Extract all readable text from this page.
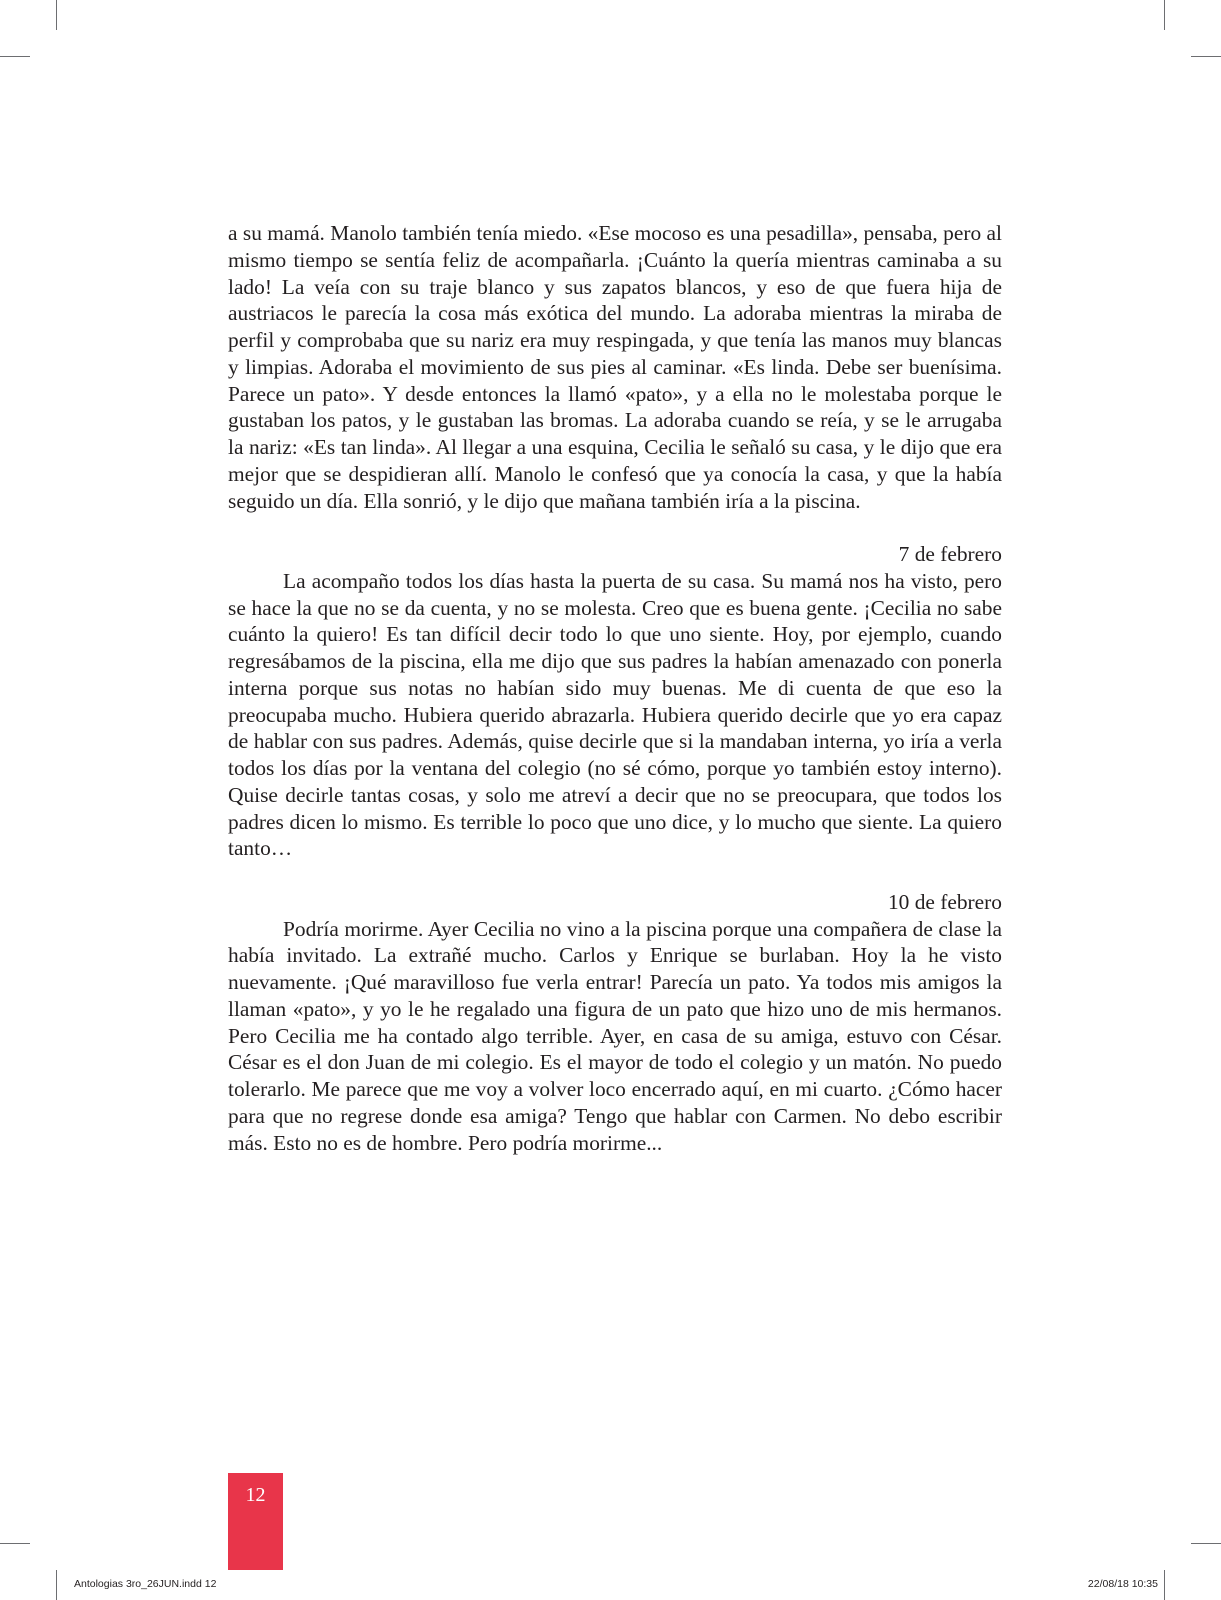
a su mamá. Manolo también tenía miedo. «Ese mocoso es una pesadilla», pensaba, pero al mismo tiempo se sentía feliz de acompañarla. ¡Cuánto la quería mientras caminaba a su lado! La veía con su traje blanco y sus zapatos blancos, y eso de que fuera hija de austriacos le parecía la cosa más exótica del mundo. La adoraba mientras la miraba de perfil y comprobaba que su nariz era muy respingada, y que tenía las manos muy blancas y limpias. Adoraba el movimiento de sus pies al caminar. «Es linda. Debe ser buenísima. Parece un pato». Y desde entonces la llamó «pato», y a ella no le molestaba porque le gustaban los patos, y le gustaban las bromas. La adoraba cuando se reía, y se le arrugaba la nariz: «Es tan linda». Al llegar a una esquina, Cecilia le señaló su casa, y le dijo que era mejor que se despidieran allí. Manolo le confesó que ya conocía la casa, y que la había seguido un día. Ella sonrió, y le dijo que mañana también iría a la piscina.

7 de febrero

La acompaño todos los días hasta la puerta de su casa. Su mamá nos ha visto, pero se hace la que no se da cuenta, y no se molesta. Creo que es buena gente. ¡Cecilia no sabe cuánto la quiero! Es tan difícil decir todo lo que uno siente. Hoy, por ejemplo, cuando regresábamos de la piscina, ella me dijo que sus padres la habían amenazado con ponerla interna porque sus notas no habían sido muy buenas. Me di cuenta de que eso la preocupaba mucho. Hubiera querido abrazarla. Hubiera querido decirle que yo era capaz de hablar con sus padres. Además, quise decirle que si la mandaban interna, yo iría a verla todos los días por la ventana del colegio (no sé cómo, porque yo también estoy interno). Quise decirle tantas cosas, y solo me atreví a decir que no se preocupara, que todos los padres dicen lo mismo. Es terrible lo poco que uno dice, y lo mucho que siente. La quiero tanto…

10 de febrero

Podría morirme. Ayer Cecilia no vino a la piscina porque una compañera de clase la había invitado. La extrañé mucho. Carlos y Enrique se burlaban. Hoy la he visto nuevamente. ¡Qué maravilloso fue verla entrar! Parecía un pato. Ya todos mis amigos la llaman «pato», y yo le he regalado una figura de un pato que hizo uno de mis hermanos. Pero Cecilia me ha contado algo terrible. Ayer, en casa de su amiga, estuvo con César. César es el don Juan de mi colegio. Es el mayor de todo el colegio y un matón. No puedo tolerarlo. Me parece que me voy a volver loco encerrado aquí, en mi cuarto. ¿Cómo hacer para que no regrese donde esa amiga? Tengo que hablar con Carmen. No debo escribir más. Esto no es de hombre. Pero podría morirme...

12
Antologias 3ro_26JUN.indd 12	22/08/18 10:35
